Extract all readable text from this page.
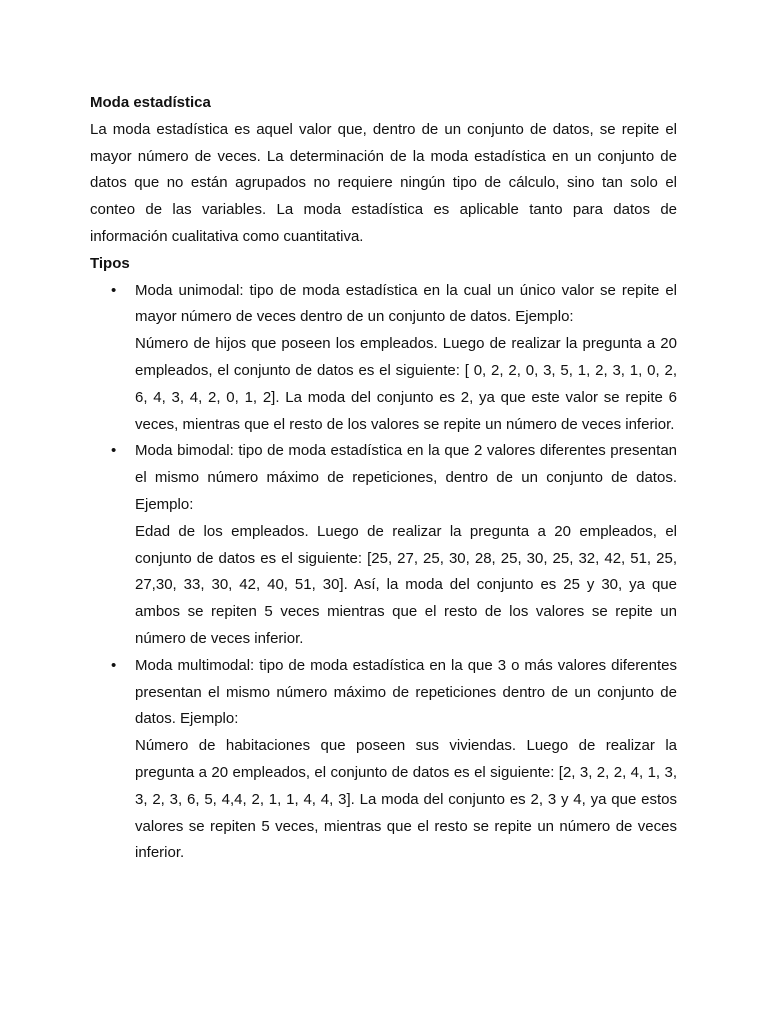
Moda estadística

La moda estadística es aquel valor que, dentro de un conjunto de datos, se repite el mayor número de veces. La determinación de la moda estadística en un conjunto de datos que no están agrupados no requiere ningún tipo de cálculo, sino tan solo el conteo de las variables. La moda estadística es aplicable tanto para datos de información cualitativa como cuantitativa.

Tipos

• Moda unimodal: tipo de moda estadística en la cual un único valor se repite el mayor número de veces dentro de un conjunto de datos. Ejemplo:

Número de hijos que poseen los empleados. Luego de realizar la pregunta a 20 empleados, el conjunto de datos es el siguiente: [ 0, 2, 2, 0, 3, 5, 1, 2, 3, 1, 0, 2, 6, 4, 3, 4, 2, 0, 1, 2]. La moda del conjunto es 2, ya que este valor se repite 6 veces, mientras que el resto de los valores se repite un número de veces inferior.

• Moda bimodal: tipo de moda estadística en la que 2 valores diferentes presentan el mismo número máximo de repeticiones, dentro de un conjunto de datos. Ejemplo:

Edad de los empleados. Luego de realizar la pregunta a 20 empleados, el conjunto de datos es el siguiente: [25, 27, 25, 30, 28, 25, 30, 25, 32, 42, 51, 25, 27,30, 33, 30, 42, 40, 51, 30]. Así, la moda del conjunto es 25 y 30, ya que ambos se repiten 5 veces mientras que el resto de los valores se repite un número de veces inferior.

• Moda multimodal: tipo de moda estadística en la que 3 o más valores diferentes presentan el mismo número máximo de repeticiones dentro de un conjunto de datos. Ejemplo:

Número de habitaciones que poseen sus viviendas. Luego de realizar la pregunta a 20 empleados, el conjunto de datos es el siguiente: [2, 3, 2, 2, 4, 1, 3, 3, 2, 3, 6, 5, 4,4, 2, 1, 1, 4, 4, 3]. La moda del conjunto es 2, 3 y 4, ya que estos valores se repiten 5 veces, mientras que el resto se repite un número de veces inferior.
